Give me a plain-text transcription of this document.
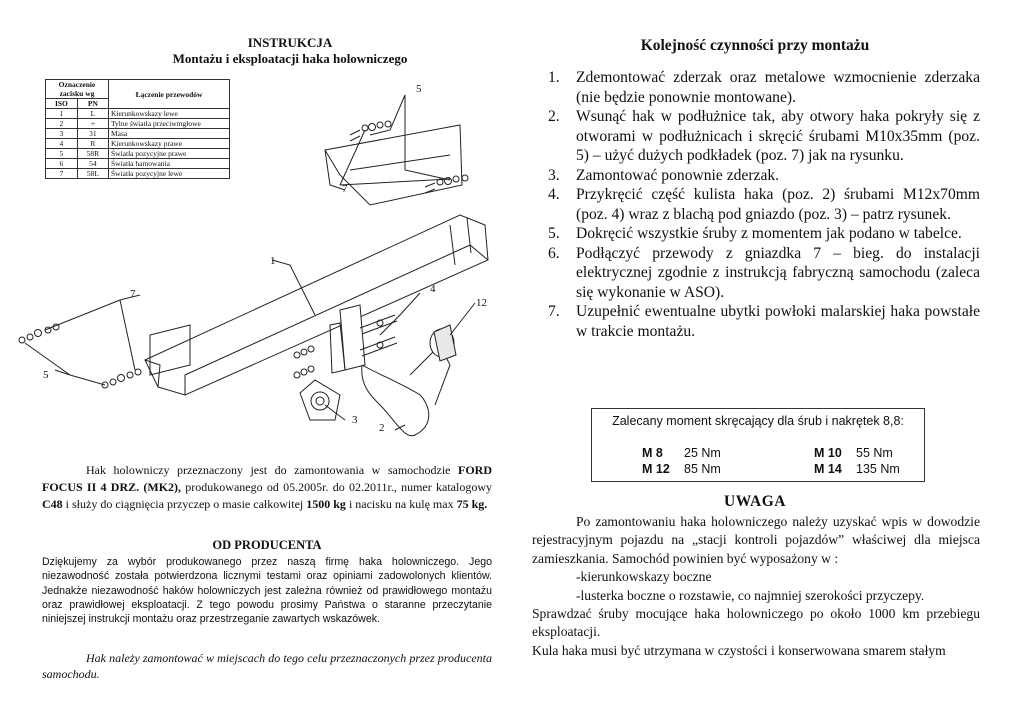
INSTRUKCJA
Montażu i eksploatacji haka holowniczego
1
2
3
4
5
5
7
7
12
Oznaczenie zacisku wg		Łączenie przewodów
ISO	PN	
1	L	Kierunkowskazy lewe
2	+	Tylne światła przeciwmgłowe
3	31	Masa
4	R	Kierunkowskazy prawe
5	58R	Światła pozycyjne prawe
6	54	Światła hamowania
7	58L	Światła pozycyjne lewe
Hak holowniczy przeznaczony jest do zamontowania w samochodzie FORD FOCUS II 4 DRZ. (MK2), produkowanego od 05.2005r. do 02.2011r., numer katalogowy C48 i służy do ciągnięcia przyczep o masie całkowitej 1500 kg i nacisku na kulę max 75 kg.
OD PRODUCENTA
Dziękujemy za wybór produkowanego przez naszą firmę haka holowniczego. Jego niezawodność została potwierdzona licznymi testami oraz opiniami zadowolonych klientów. Jednakże niezawodność haków holowniczych jest zależna również od prawidłowego montażu oraz prawidłowej eksploatacji. Z tego powodu prosimy Państwa o staranne przeczytanie niniejszej instrukcji montażu oraz przestrzeganie zawartych wskazówek.
Hak należy zamontować w miejscach do tego celu przeznaczonych przez producenta samochodu.
Kolejność czynności przy montażu
1. Zdemontować zderzak oraz metalowe wzmocnienie zderzaka (nie będzie ponownie montowane).
2. Wsunąć hak w podłużnice tak, aby otwory haka pokryły się z otworami w podłużnicach i skręcić śrubami M10x35mm (poz. 5) – użyć dużych podkładek (poz. 7) jak na rysunku.
3. Zamontować ponownie zderzak.
4. Przykręcić część kulista haka (poz. 2) śrubami M12x70mm (poz. 4) wraz z blachą pod gniazdo (poz. 3) – patrz rysunek.
5. Dokręcić wszystkie śruby z momentem jak podano w tabelce.
6. Podłączyć przewody z gniazdka 7 – bieg. do instalacji elektrycznej zgodnie z instrukcją fabryczną samochodu (zaleca się wykonanie w ASO).
7. Uzupełnić ewentualne ubytki powłoki malarskiej haka powstałe w trakcie montażu.
Zalecany moment skręcający dla śrub i nakrętek 8,8:
M 8 25 Nm	M 10 55 Nm
M 12 85 Nm	M 14 135 Nm
UWAGA

Po zamontowaniu haka holowniczego należy uzyskać wpis w dowodzie rejestracyjnym pojazdu na „stacji kontroli pojazdów” właściwej dla miejsca zamieszkania. Samochód powinien być wyposażony w :

-kierunkowskazy boczne

-lusterka boczne o rozstawie, co najmniej szerokości przyczepy.

Sprawdzać śruby mocujące haka holowniczego po około 1000 km przebiegu eksploatacji.

Kula haka musi być utrzymana w czystości i konserwowana smarem stałym
